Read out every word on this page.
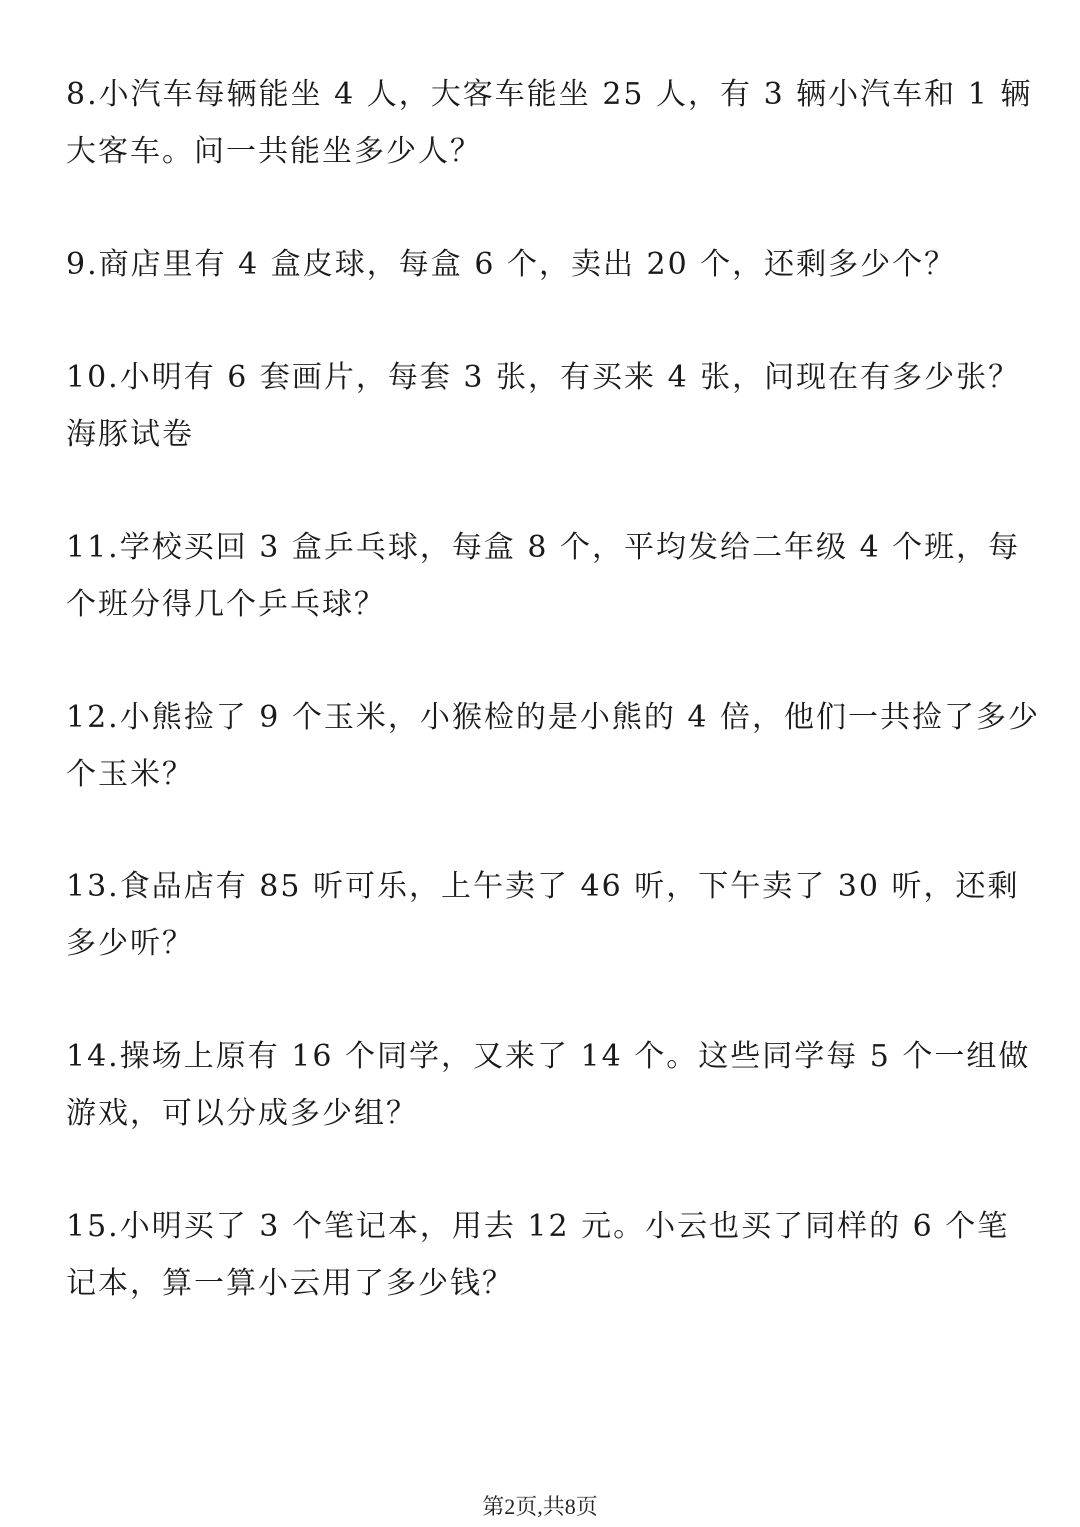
8.小汽车每辆能坐 4 人，大客车能坐 25 人，有 3 辆小汽车和 1 辆大客车。问一共能坐多少人？

9.商店里有 4 盒皮球，每盒 6 个，卖出 20 个，还剩多少个？

10.小明有 6 套画片，每套 3 张，有买来 4 张，问现在有多少张？海豚试卷

11.学校买回 3 盒乒乓球，每盒 8 个，平均发给二年级 4 个班，每个班分得几个乒乓球？

12.小熊捡了 9 个玉米，小猴检的是小熊的 4 倍，他们一共捡了多少个玉米？

13.食品店有 85 听可乐，上午卖了 46 听，下午卖了 30 听，还剩多少听？

14.操场上原有 16 个同学，又来了 14 个。这些同学每 5 个一组做游戏，可以分成多少组？

15.小明买了 3 个笔记本，用去 12 元。小云也买了同样的 6 个笔记本，算一算小云用了多少钱？

第2页,共8页
